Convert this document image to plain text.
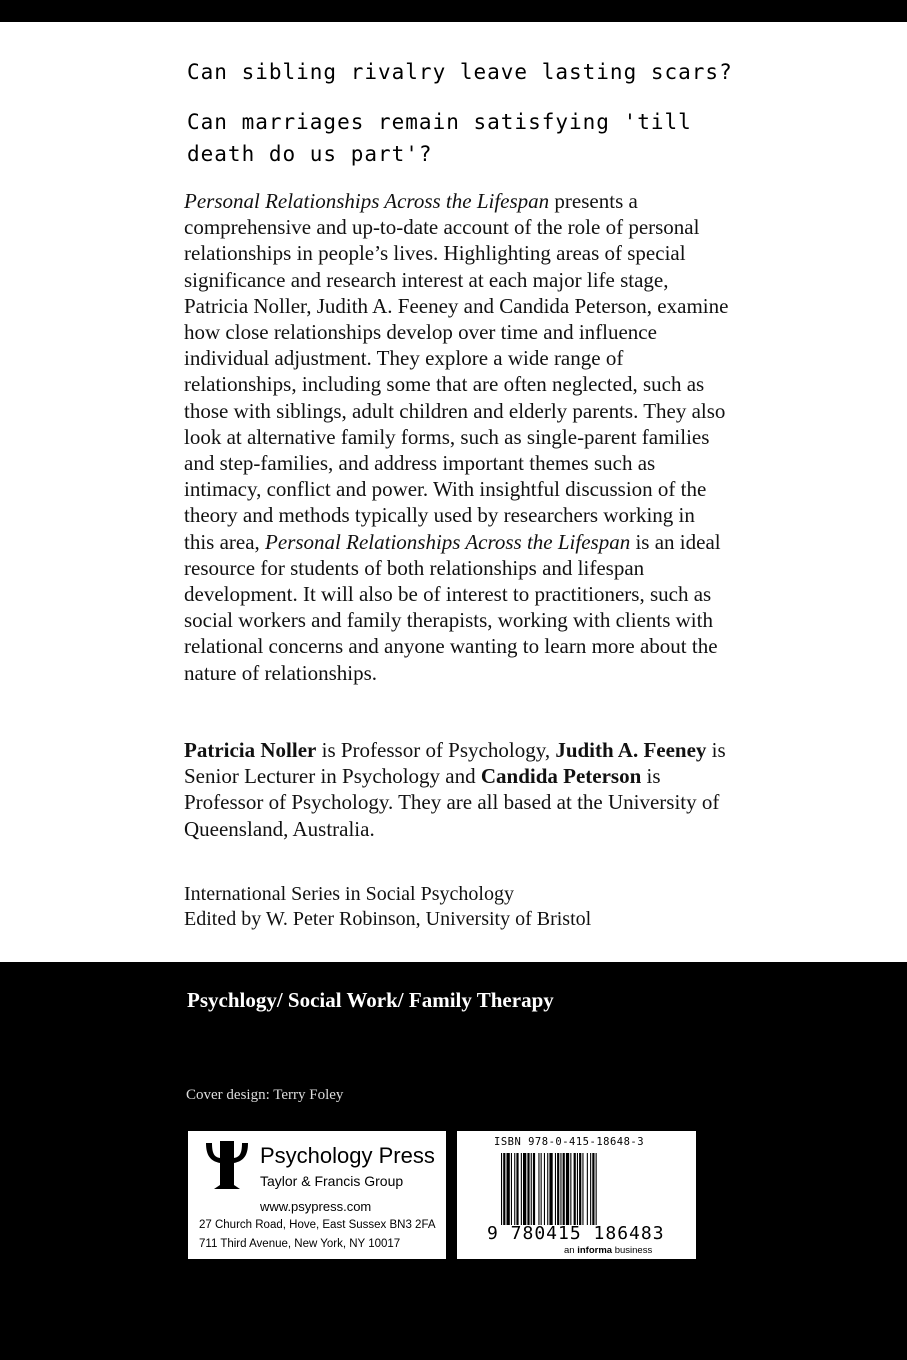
Can sibling rivalry leave lasting scars?
Can marriages remain satisfying 'till death do us part'?

Personal Relationships Across the Lifespan presents a comprehensive and up-to-date account of the role of personal relationships in people’s lives. Highlighting areas of special significance and research interest at each major life stage, Patricia Noller, Judith A. Feeney and Candida Peterson, examine how close relationships develop over time and influence individual adjustment. They explore a wide range of relationships, including some that are often neglected, such as those with siblings, adult children and elderly parents. They also look at alternative family forms, such as single-parent families and step-families, and address important themes such as intimacy, conflict and power. With insightful discussion of the theory and methods typically used by researchers working in this area, Personal Relationships Across the Lifespan is an ideal resource for students of both relationships and lifespan development. It will also be of interest to practitioners, such as social workers and family therapists, working with clients with relational concerns and anyone wanting to learn more about the nature of relationships.

Patricia Noller is Professor of Psychology, Judith A. Feeney is Senior Lecturer in Psychology and Candida Peterson is Professor of Psychology. They are all based at the University of Queensland, Australia.

International Series in Social Psychology
Edited by W. Peter Robinson, University of Bristol
Psychlogy/ Social Work/ Family Therapy
Cover design: Terry Foley
Psychology Press
Taylor & Francis Group
www.psypress.com
27 Church Road, Hove, East Sussex BN3 2FA
711 Third Avenue, New York, NY 10017
ISBN 978-0-415-18648-3
9 780415 186483
an informa business
